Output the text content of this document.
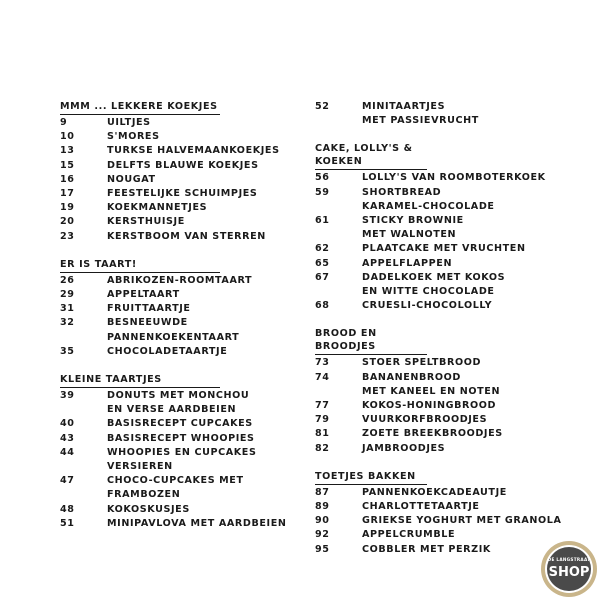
MMM ... LEKKERE KOEKJES
9	UILTJES
10	S'MORES
13	TURKSE HALVEMAANKOEKJES
15	DELFTS BLAUWE KOEKJES
16	NOUGAT
17	FEESTELIJKE SCHUIMPJES
19	KOEKMANNETJES
20	KERSTHUISJE
23	KERSTBOOM VAN STERREN
ER IS TAART!
26	ABRIKOZEN-ROOMTAART
29	APPELTAART
31	FRUITTAARTJE
32	BESNEEUWDE
PANNENKOEKENTAART
35	CHOCOLADETAARTJE
KLEINE TAARTJES
39	DONUTS MET MONCHOU
EN VERSE AARDBEIEN
40	BASISRECEPT CUPCAKES
43	BASISRECEPT WHOOPIES
44	WHOOPIES EN CUPCAKES
VERSIEREN
47	CHOCO-CUPCAKES MET
FRAMBOZEN
48	KOKOSKUSJES
51	MINIPAVLOVA MET AARDBEIEN
52	MINITAARTJES
MET PASSIEVRUCHT
CAKE, LOLLY'S & KOEKEN
56	LOLLY'S VAN ROOMBOTERKOEK
59	SHORTBREAD
KARAMEL-CHOCOLADE
61	STICKY BROWNIE
MET WALNOTEN
62	PLAATCAKE MET VRUCHTEN
65	APPELFLAPPEN
67	DADELKOEK MET KOKOS
EN WITTE CHOCOLADE
68	CRUESLI-CHOCOLOLLY
BROOD EN BROODJES
73	STOER SPELTBROOD
74	BANANENBROOD
MET KANEEL EN NOTEN
77	KOKOS-HONINGBROOD
79	VUURKORFBROODJES
81	ZOETE BREEKBROODJES
82	JAMBROODJES
TOETJES BAKKEN
87	PANNENKOEKCADEAUTJE
89	CHARLOTTETAARTJE
90	GRIEKSE YOGHURT MET GRANOLA
92	APPELCRUMBLE
95	COBBLER MET PERZIK
DE LANGSTRAAT
SHOP
